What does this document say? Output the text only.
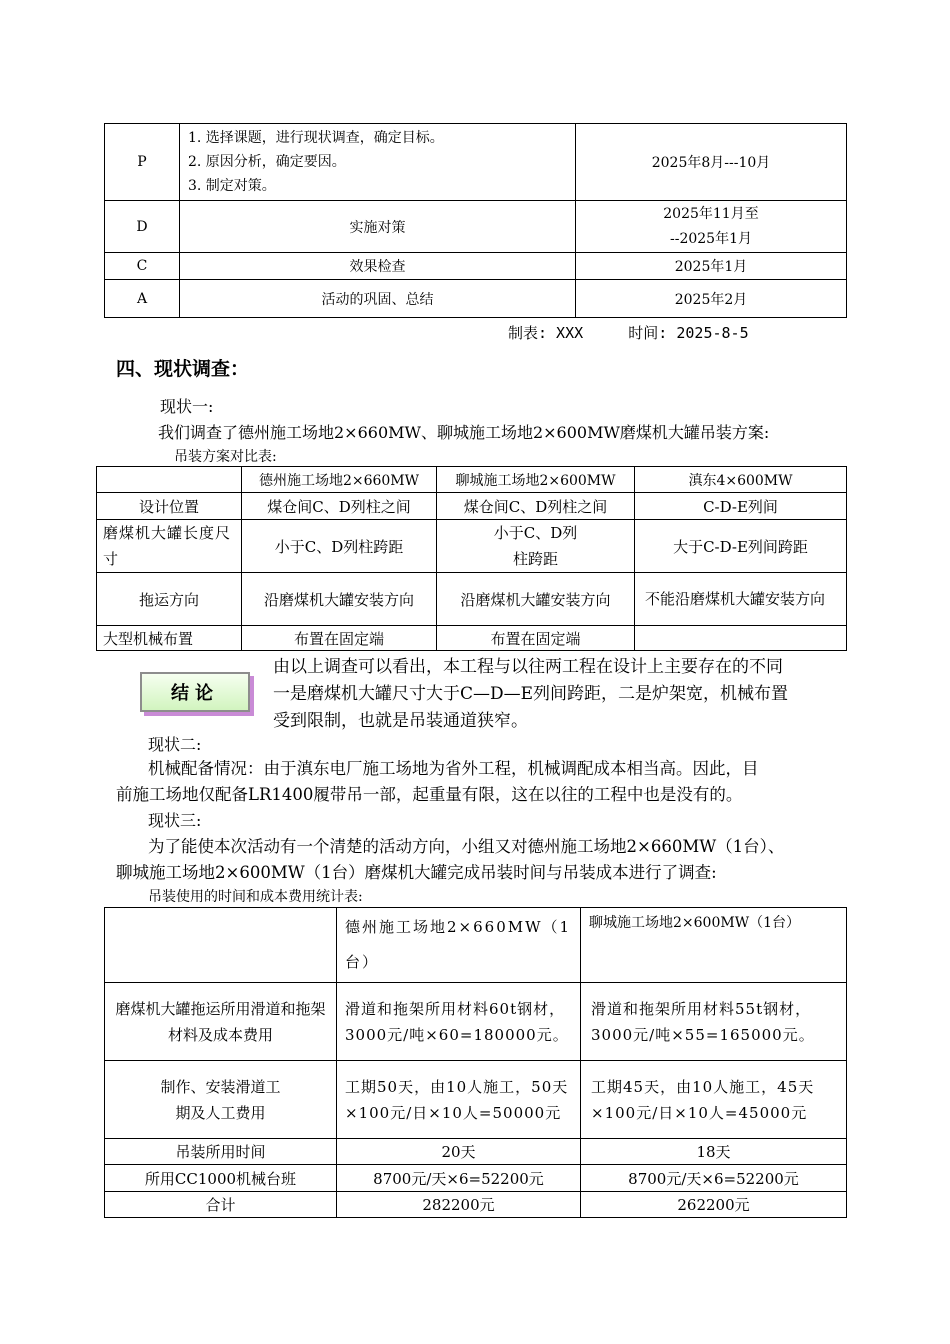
P	1. 选择课题，进行现状调查，确定目标。
2. 原因分析，确定要因。
3. 制定对策。	2025年8月---10月
D	实施对策	2025年11月至
--2025年1月

C	效果检查	2025年1月
A	活动的巩固、总结	2025年2月
制表: XXX     时间: 2025-8-5
四、现状调查：
现状一:
我们调查了德州施工场地2×660MW、聊城施工场地2×600MW磨煤机大罐吊装方案:
吊装方案对比表:
	德州施工场地2×660MW	聊城施工场地2×600MW	滇东4×600MW
设计位置	煤仓间C、D列柱之间	煤仓间C、D列柱之间	C-D-E列间
磨煤机大罐长度尺寸	小于C、D列柱跨距	小于C、D列柱跨距	大于C-D-E列间跨距
拖运方向	沿磨煤机大罐安装方向	沿磨煤机大罐安装方向	不能沿磨煤机大罐安装方向
大型机械布置	布置在固定端	布置在固定端	
结论
由以上调查可以看出，本工程与以往两工程在设计上主要存在的不同
一是磨煤机大罐尺寸大于C—D—E列间跨距，二是炉架宽，机械布置
受到限制，也就是吊装通道狭窄。
现状二:
机械配备情况：由于滇东电厂施工场地为省外工程，机械调配成本相当高。因此，目
前施工场地仅配备LR1400履带吊一部，起重量有限，这在以往的工程中也是没有的。
现状三:
为了能使本次活动有一个清楚的活动方向，小组又对德州施工场地2×660MW（1台）、
聊城施工场地2×600MW（1台）磨煤机大罐完成吊装时间与吊装成本进行了调查:
吊装使用的时间和成本费用统计表:
	德州施工场地2×660MW（1台）	聊城施工场地2×600MW（1台）
磨煤机大罐拖运所用滑道和拖架材料及成本费用	滑道和拖架所用材料60t钢材，3000元/吨×60=180000元。	滑道和拖架所用材料55t钢材，3000元/吨×55=165000元。
制作、安装滑道工期及人工费用	工期50天，由10人施工，50天×100元/日×10人=50000元	工期45天，由10人施工，45天×100元/日×10人=45000元
吊装所用时间	20天	18天
所用CC1000机械台班	8700元/天×6=52200元	8700元/天×6=52200元
合计	282200元	262200元
